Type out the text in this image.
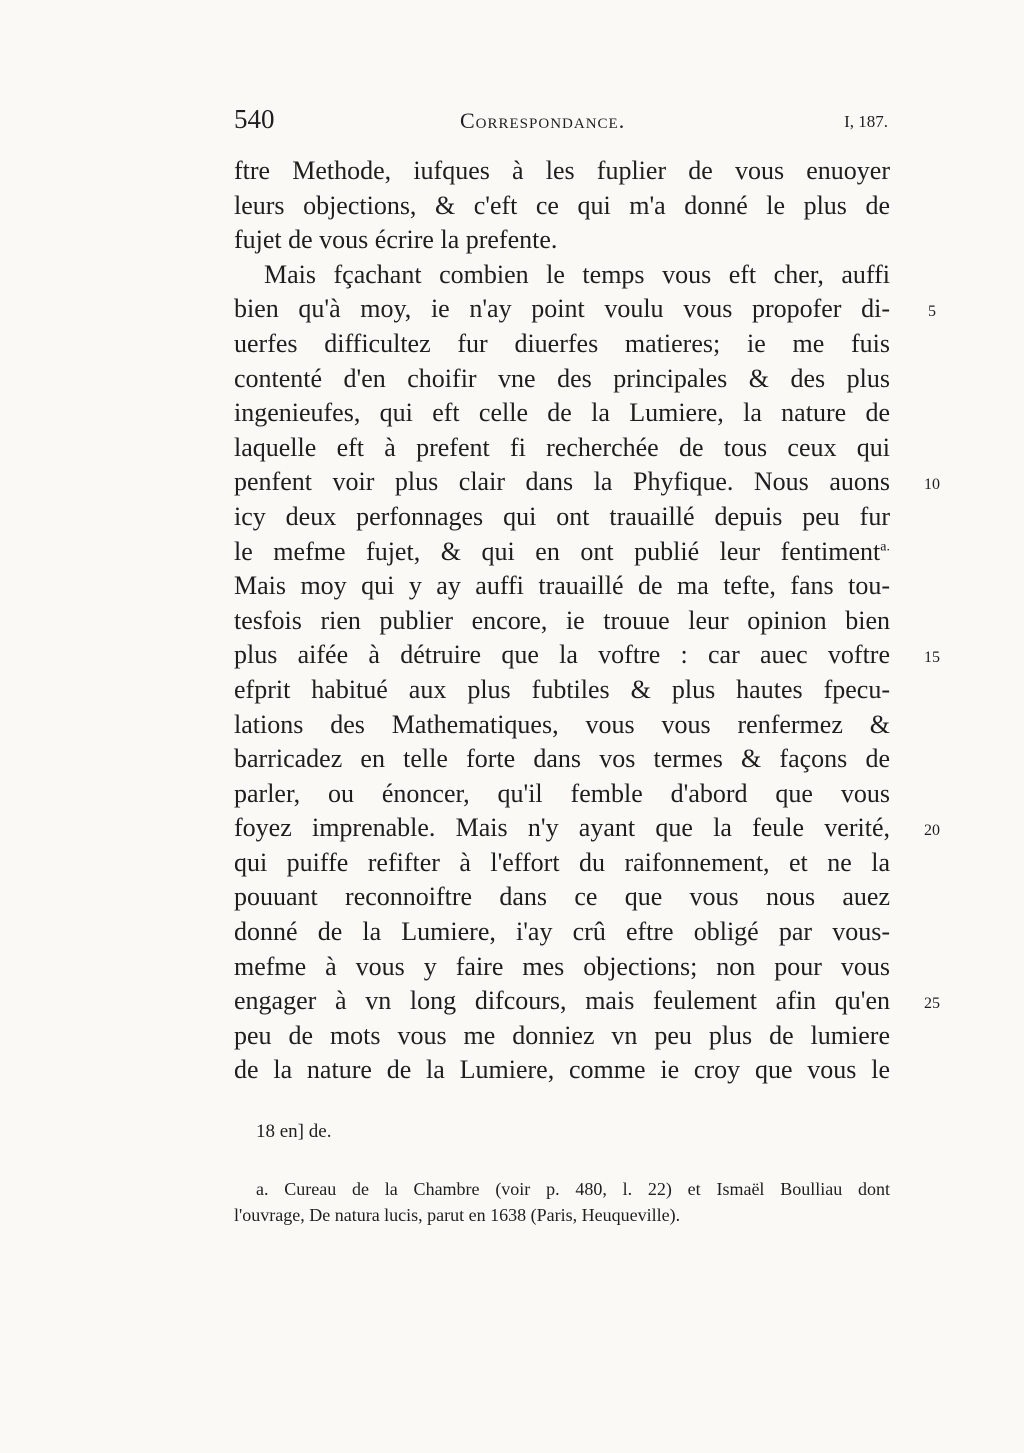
540	Correspondance.	I, 187.
ftre Methode, iufques à les fuplier de vous enuoyer
leurs objections, & c'eft ce qui m'a donné le plus de
fujet de vous écrire la prefente.
Mais fçachant combien le temps vous eft cher, auffi
bien qu'à moy, ie n'ay point voulu vous propofer di-
uerfes difficultez fur diuerfes matieres; ie me fuis
contenté d'en choifir vne des principales & des plus
ingenieufes, qui eft celle de la Lumiere, la nature de
laquelle eft à prefent fi recherchée de tous ceux qui
penfent voir plus clair dans la Phyfique. Nous auons
icy deux perfonnages qui ont trauaillé depuis peu fur
le mefme fujet, & qui en ont publié leur fentiment$^{a.}$
Mais moy qui y ay auffi trauaillé de ma tefte, fans tou-
tesfois rien publier encore, ie trouue leur opinion bien
plus aifée à détruire que la voftre : car auec voftre
efprit habitué aux plus fubtiles & plus hautes fpecu-
lations des Mathematiques, vous vous renfermez &
barricadez en telle forte dans vos termes & façons de
parler, ou énoncer, qu'il femble d'abord que vous
foyez imprenable. Mais n'y ayant que la feule verité,
qui puiffe refifter à l'effort du raifonnement, et ne la
pouuant reconnoiftre dans ce que vous nous auez
donné de la Lumiere, i'ay crû eftre obligé par vous-
mefme à vous y faire mes objections; non pour vous
engager à vn long difcours, mais feulement afin qu'en
peu de mots vous me donniez vn peu plus de lumiere
de la nature de la Lumiere, comme ie croy que vous le
5
10
15
20
25
18 en] de.
a. Cureau de la Chambre (voir p. 480, l. 22) et Ismaël Boulliau dont
l'ouvrage, De natura lucis, parut en 1638 (Paris, Heuqueville).
